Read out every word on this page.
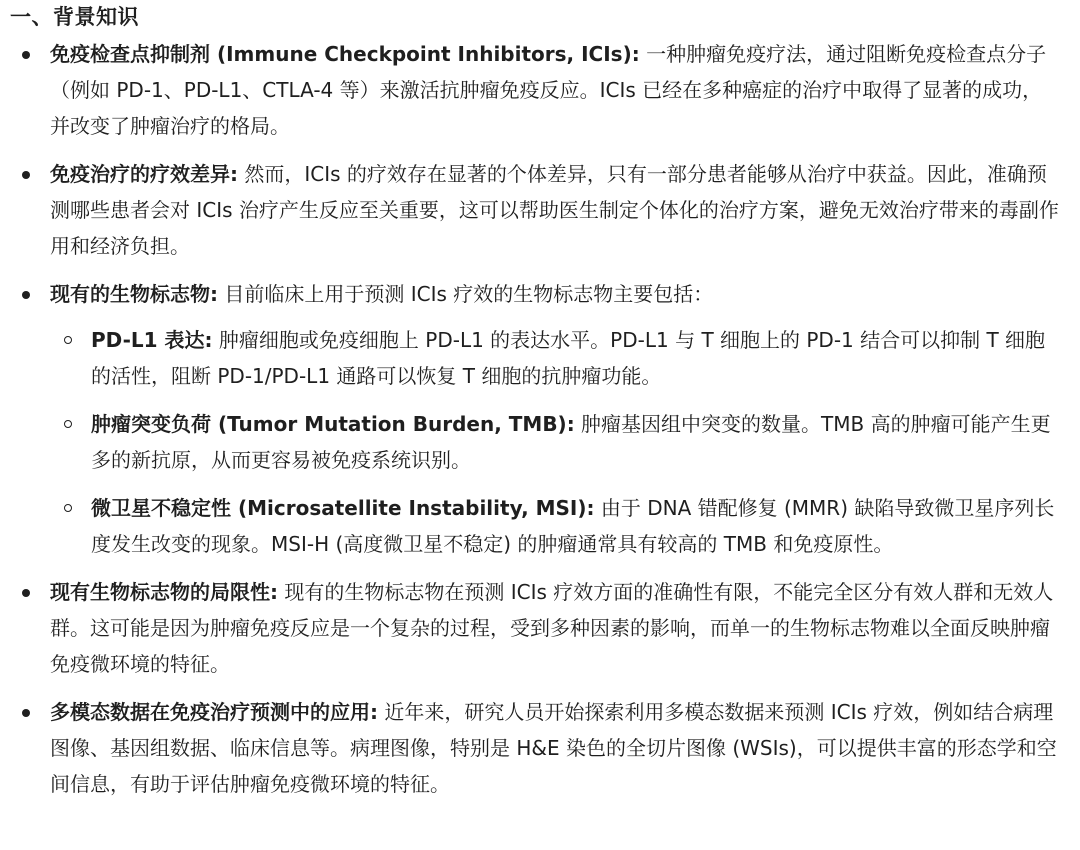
一、背景知识
免疫检查点抑制剂 (Immune Checkpoint Inhibitors, ICIs): 一种肿瘤免疫疗法，通过阻断免疫检查点分子（例如 PD-1、PD-L1、CTLA-4 等）来激活抗肿瘤免疫反应。ICIs 已经在多种癌症的治疗中取得了显著的成功，并改变了肿瘤治疗的格局。
免疫治疗的疗效差异: 然而，ICIs 的疗效存在显著的个体差异，只有一部分患者能够从治疗中获益。因此，准确预测哪些患者会对 ICIs 治疗产生反应至关重要，这可以帮助医生制定个体化的治疗方案，避免无效治疗带来的毒副作用和经济负担。
现有的生物标志物: 目前临床上用于预测 ICIs 疗效的生物标志物主要包括：
PD-L1 表达: 肿瘤细胞或免疫细胞上 PD-L1 的表达水平。PD-L1 与 T 细胞上的 PD-1 结合可以抑制 T 细胞的活性，阻断 PD-1/PD-L1 通路可以恢复 T 细胞的抗肿瘤功能。
肿瘤突变负荷 (Tumor Mutation Burden, TMB): 肿瘤基因组中突变的数量。TMB 高的肿瘤可能产生更多的新抗原，从而更容易被免疫系统识别。
微卫星不稳定性 (Microsatellite Instability, MSI): 由于 DNA 错配修复 (MMR) 缺陷导致微卫星序列长度发生改变的现象。MSI-H (高度微卫星不稳定) 的肿瘤通常具有较高的 TMB 和免疫原性。
现有生物标志物的局限性: 现有的生物标志物在预测 ICIs 疗效方面的准确性有限，不能完全区分有效人群和无效人群。这可能是因为肿瘤免疫反应是一个复杂的过程，受到多种因素的影响，而单一的生物标志物难以全面反映肿瘤免疫微环境的特征。
多模态数据在免疫治疗预测中的应用: 近年来，研究人员开始探索利用多模态数据来预测 ICIs 疗效，例如结合病理图像、基因组数据、临床信息等。病理图像，特别是 H&E 染色的全切片图像 (WSIs)，可以提供丰富的形态学和空间信息，有助于评估肿瘤免疫微环境的特征。
